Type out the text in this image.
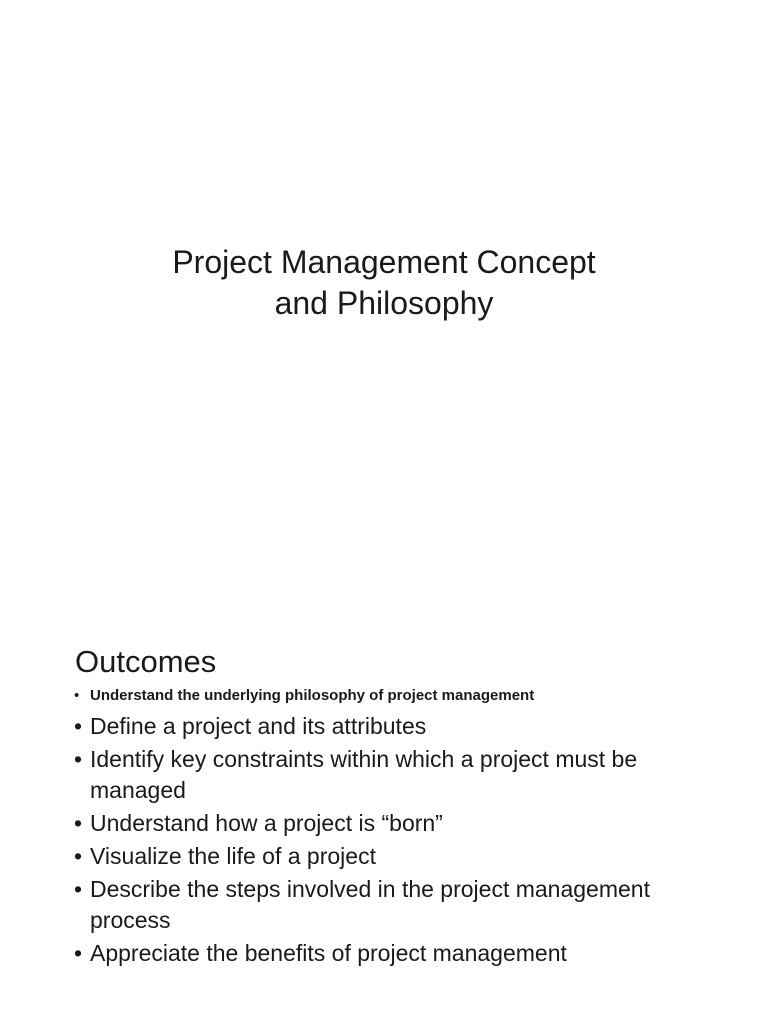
Project Management Concept
and Philosophy
Outcomes
• Understand the underlying philosophy of project management
• Define a project and its attributes
• Identify key constraints within which a project must be managed
• Understand how a project is “born”
• Visualize the life of a project
• Describe the steps involved in the project management process
• Appreciate the benefits of project management
